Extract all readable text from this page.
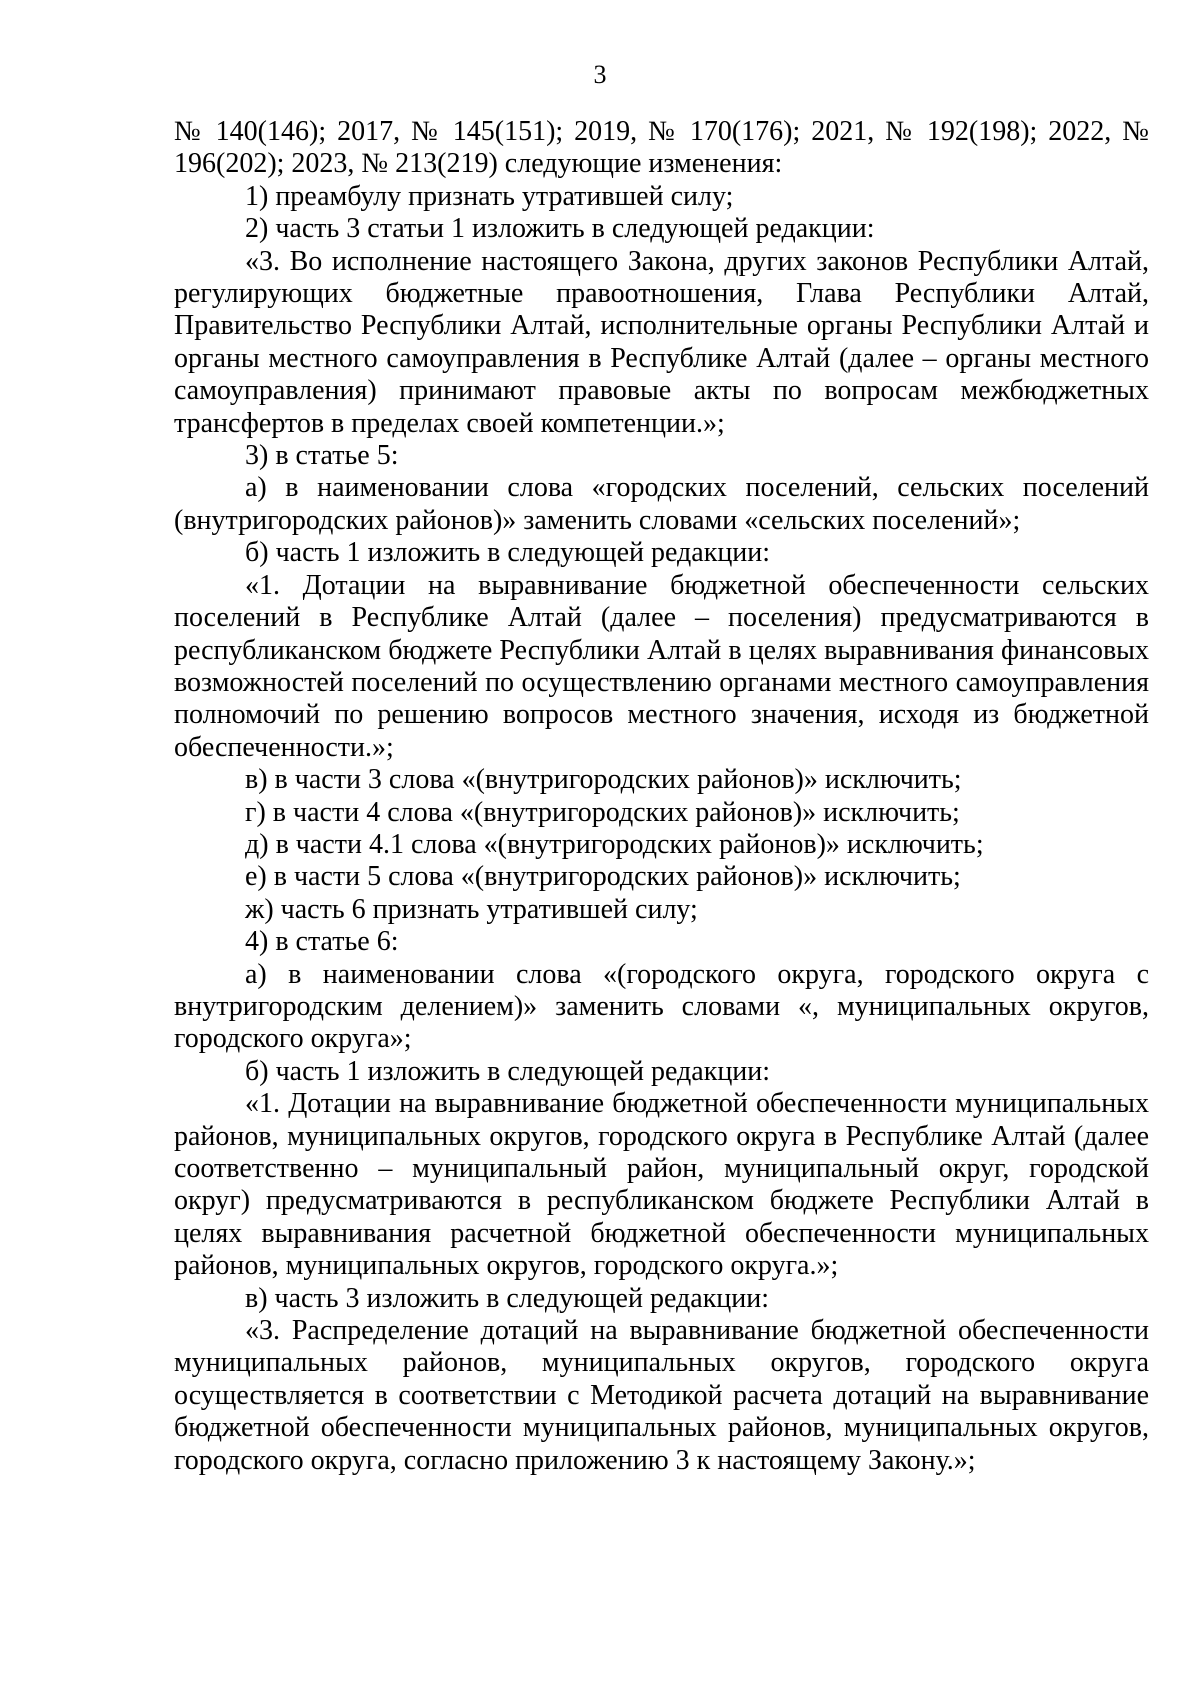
3

№ 140(146); 2017, № 145(151); 2019, № 170(176); 2021, № 192(198); 2022, № 196(202); 2023, № 213(219) следующие изменения:

1) преамбулу признать утратившей силу;

2) часть 3 статьи 1 изложить в следующей редакции:

«3. Во исполнение настоящего Закона, других законов Республики Алтай, регулирующих бюджетные правоотношения, Глава Республики Алтай, Правительство Республики Алтай, исполнительные органы Республики Алтай и органы местного самоуправления в Республике Алтай (далее – органы местного самоуправления) принимают правовые акты по вопросам межбюджетных трансфертов в пределах своей компетенции.»;

3) в статье 5:

а) в наименовании слова «городских поселений, сельских поселений (внутригородских районов)» заменить словами «сельских поселений»;

б) часть 1 изложить в следующей редакции:

«1. Дотации на выравнивание бюджетной обеспеченности сельских поселений в Республике Алтай (далее – поселения) предусматриваются в республиканском бюджете Республики Алтай в целях выравнивания финансовых возможностей поселений по осуществлению органами местного самоуправления полномочий по решению вопросов местного значения, исходя из бюджетной обеспеченности.»;

в) в части 3 слова «(внутригородских районов)» исключить;

г) в части 4 слова «(внутригородских районов)» исключить;

д) в части 4.1 слова «(внутригородских районов)» исключить;

е) в части 5 слова «(внутригородских районов)» исключить;

ж) часть 6 признать утратившей силу;

4) в статье 6:

а) в наименовании слова «(городского округа, городского округа с внутригородским делением)» заменить словами «, муниципальных округов, городского округа»;

б) часть 1 изложить в следующей редакции:

«1. Дотации на выравнивание бюджетной обеспеченности муниципальных районов, муниципальных округов, городского округа в Республике Алтай (далее соответственно – муниципальный район, муниципальный округ, городской округ) предусматриваются в республиканском бюджете Республики Алтай в целях выравнивания расчетной бюджетной обеспеченности муниципальных районов, муниципальных округов, городского округа.»;

в) часть 3 изложить в следующей редакции:

«3. Распределение дотаций на выравнивание бюджетной обеспеченности муниципальных районов, муниципальных округов, городского округа осуществляется в соответствии с Методикой расчета дотаций на выравнивание бюджетной обеспеченности муниципальных районов, муниципальных округов, городского округа, согласно приложению 3 к настоящему Закону.»;
